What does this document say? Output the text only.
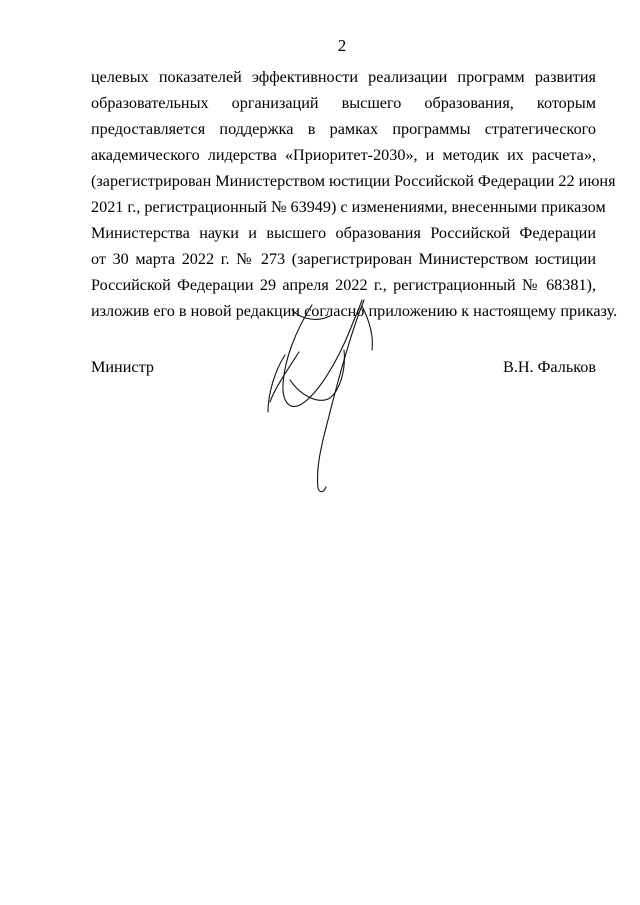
2
целевых показателей эффективности реализации программ развития
образовательных организаций высшего образования, которым
предоставляется поддержка в рамках программы стратегического
академического лидерства «Приоритет-2030», и методик их расчета»,
(зарегистрирован Министерством юстиции Российской Федерации 22 июня
2021 г., регистрационный № 63949) с изменениями, внесенными приказом
Министерства науки и высшего образования Российской Федерации
от 30 марта 2022 г. № 273 (зарегистрирован Министерством юстиции
Российской Федерации 29 апреля 2022 г., регистрационный № 68381),
изложив его в новой редакции согласно приложению к настоящему приказу.
Министр	В.Н. Фальков
